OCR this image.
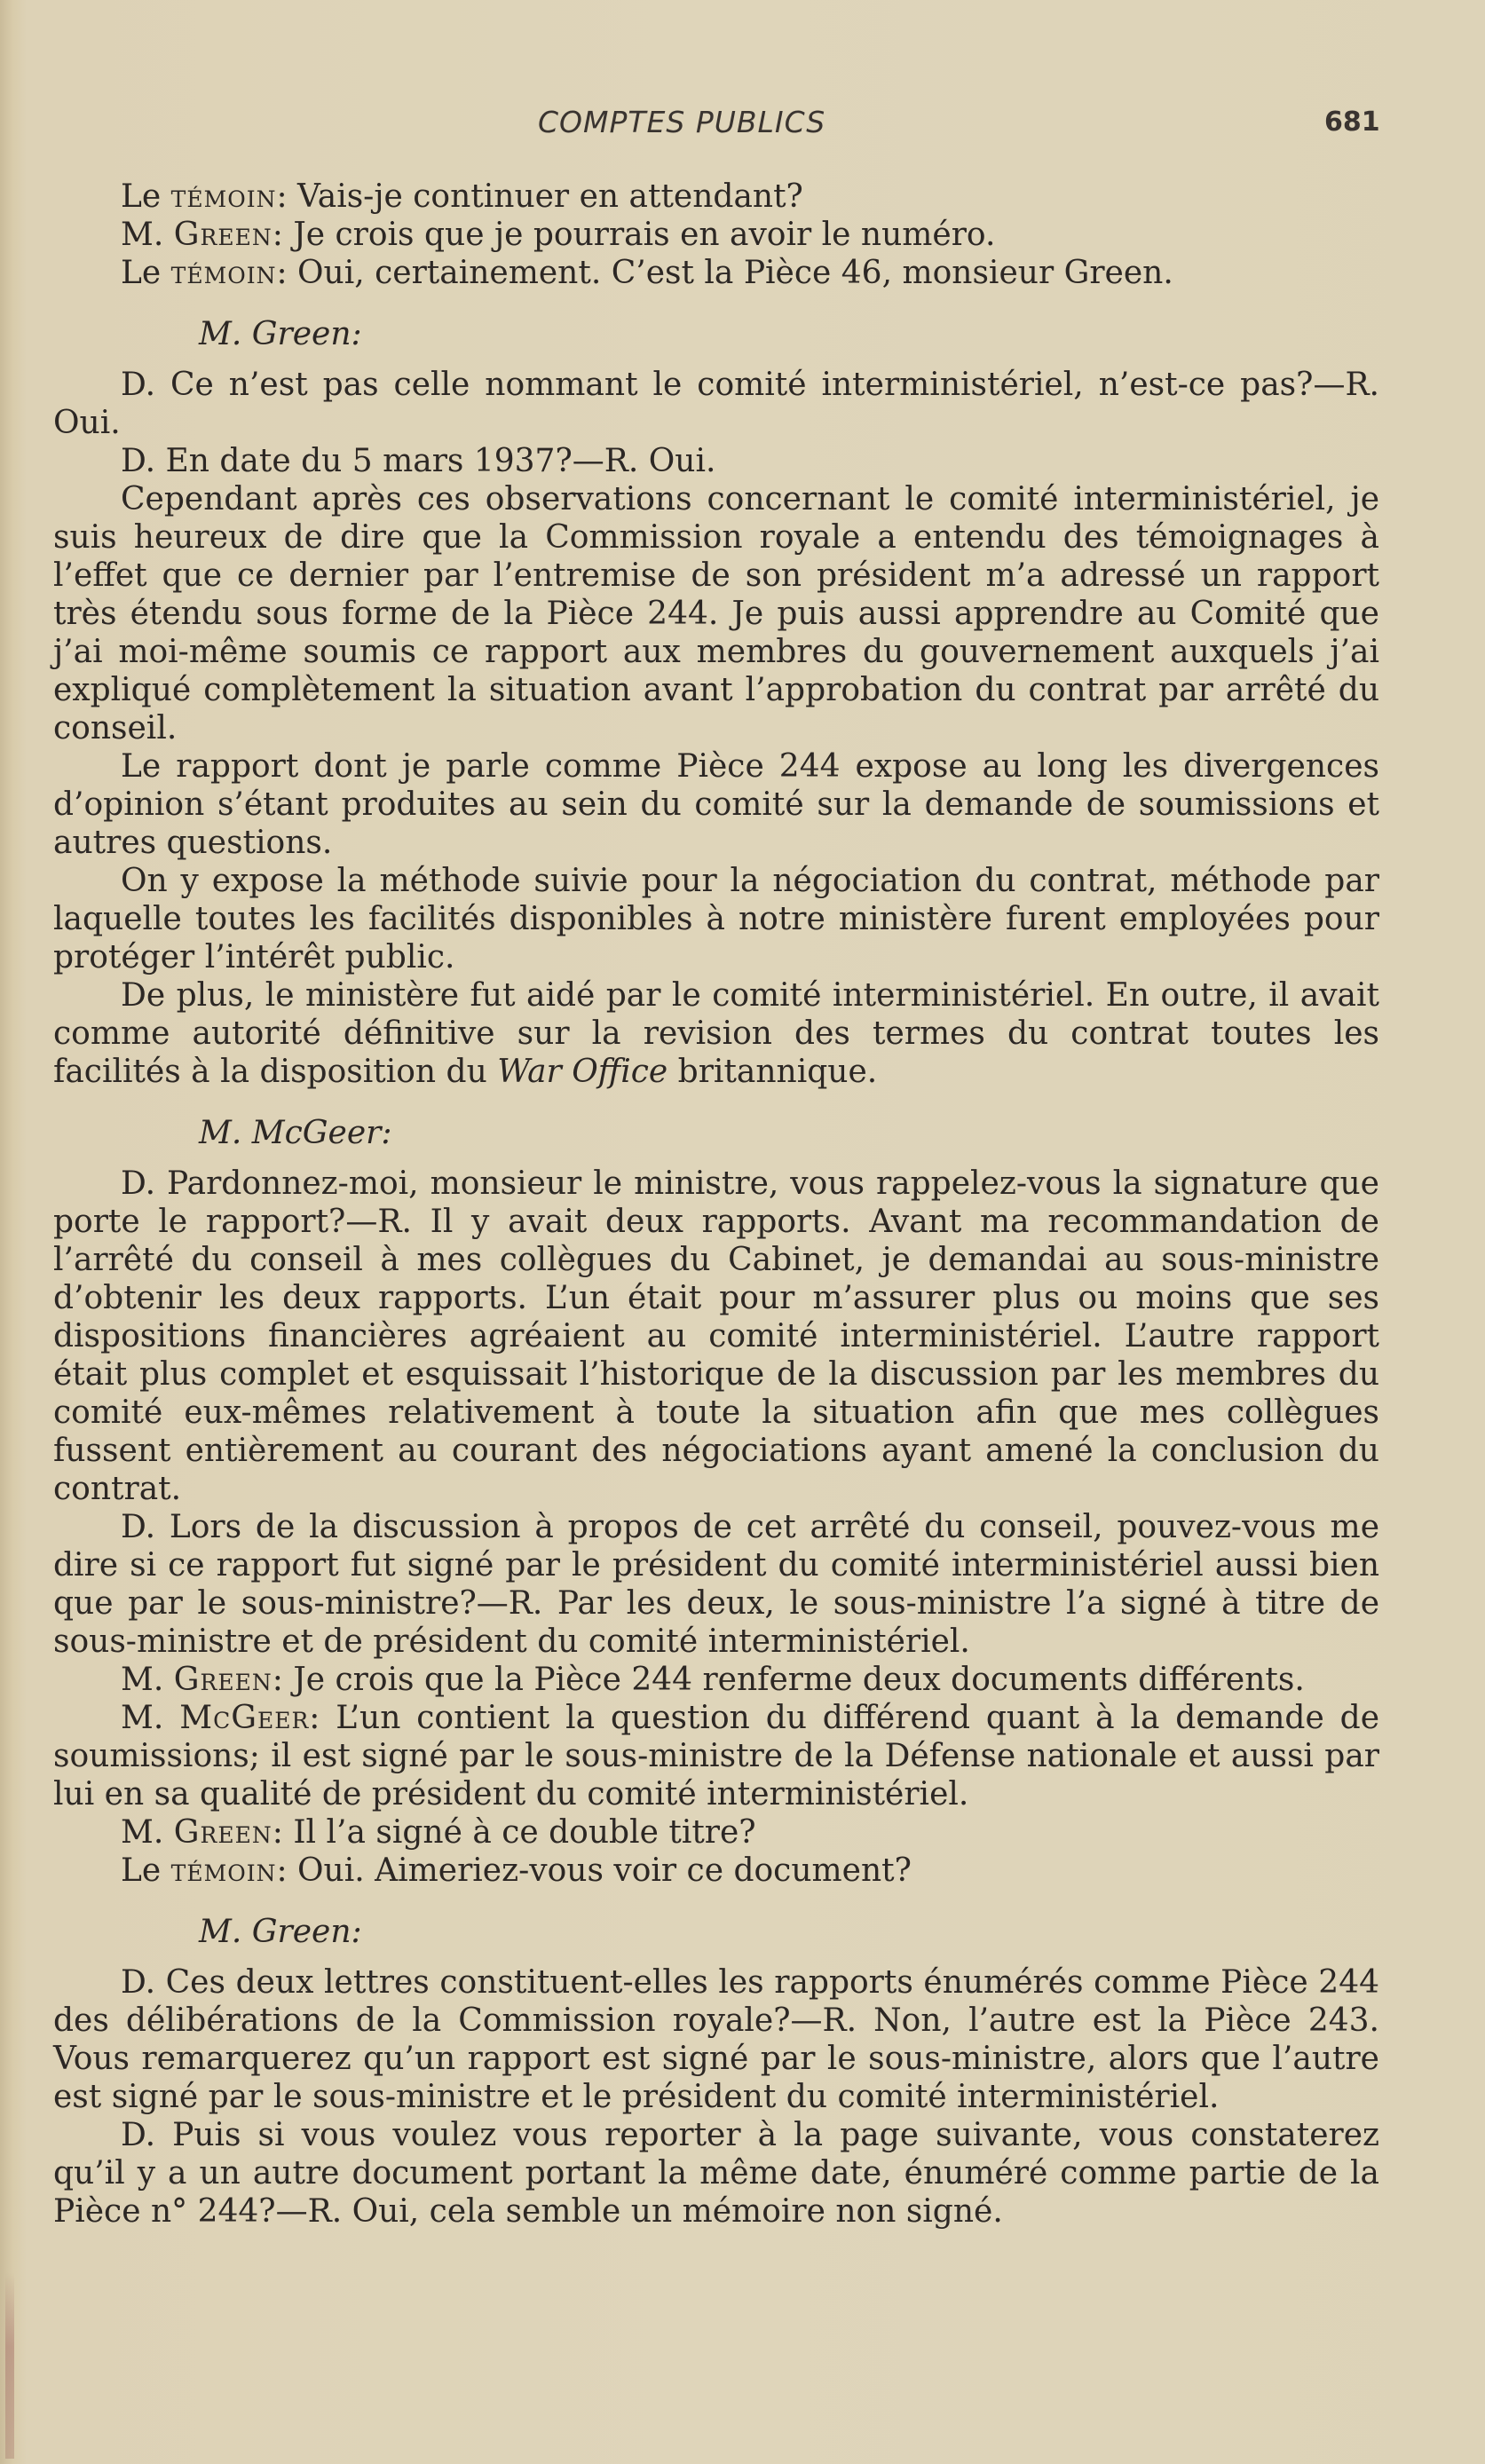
COMPTES PUBLICS	681

Le témoin: Vais-je continuer en attendant?

M. Green: Je crois que je pourrais en avoir le numéro.

Le témoin: Oui, certainement. C’est la Pièce 46, monsieur Green.

M. Green:

D. Ce n’est pas celle nommant le comité interministériel, n’est-ce pas?—R. Oui.

D. En date du 5 mars 1937?—R. Oui.

Cependant après ces observations concernant le comité interministériel, je suis heureux de dire que la Commission royale a entendu des témoignages à l’effet que ce dernier par l’entremise de son président m’a adressé un rapport très étendu sous forme de la Pièce 244. Je puis aussi apprendre au Comité que j’ai moi-même soumis ce rapport aux membres du gouvernement auxquels j’ai expliqué complètement la situation avant l’approbation du contrat par arrêté du conseil.

Le rapport dont je parle comme Pièce 244 expose au long les divergences d’opinion s’étant produites au sein du comité sur la demande de soumissions et autres questions.

On y expose la méthode suivie pour la négociation du contrat, méthode par laquelle toutes les facilités disponibles à notre ministère furent employées pour protéger l’intérêt public.

De plus, le ministère fut aidé par le comité interministériel. En outre, il avait comme autorité définitive sur la revision des termes du contrat toutes les facilités à la disposition du War Office britannique.

M. McGeer:

D. Pardonnez-moi, monsieur le ministre, vous rappelez-vous la signature que porte le rapport?—R. Il y avait deux rapports. Avant ma recommandation de l’arrêté du conseil à mes collègues du Cabinet, je demandai au sous-ministre d’obtenir les deux rapports. L’un était pour m’assurer plus ou moins que ses dispositions financières agréaient au comité interministériel. L’autre rapport était plus complet et esquissait l’historique de la discussion par les membres du comité eux-mêmes relativement à toute la situation afin que mes collègues fussent entièrement au courant des négociations ayant amené la conclusion du contrat.

D. Lors de la discussion à propos de cet arrêté du conseil, pouvez-vous me dire si ce rapport fut signé par le président du comité interministériel aussi bien que par le sous-ministre?—R. Par les deux, le sous-ministre l’a signé à titre de sous-ministre et de président du comité interministériel.

M. Green: Je crois que la Pièce 244 renferme deux documents différents.

M. McGeer: L’un contient la question du différend quant à la demande de soumissions; il est signé par le sous-ministre de la Défense nationale et aussi par lui en sa qualité de président du comité interministériel.

M. Green: Il l’a signé à ce double titre?

Le témoin: Oui. Aimeriez-vous voir ce document?

M. Green:

D. Ces deux lettres constituent-elles les rapports énumérés comme Pièce 244 des délibérations de la Commission royale?—R. Non, l’autre est la Pièce 243. Vous remarquerez qu’un rapport est signé par le sous-ministre, alors que l’autre est signé par le sous-ministre et le président du comité interministériel.

D. Puis si vous voulez vous reporter à la page suivante, vous constaterez qu’il y a un autre document portant la même date, énuméré comme partie de la Pièce n° 244?—R. Oui, cela semble un mémoire non signé.
